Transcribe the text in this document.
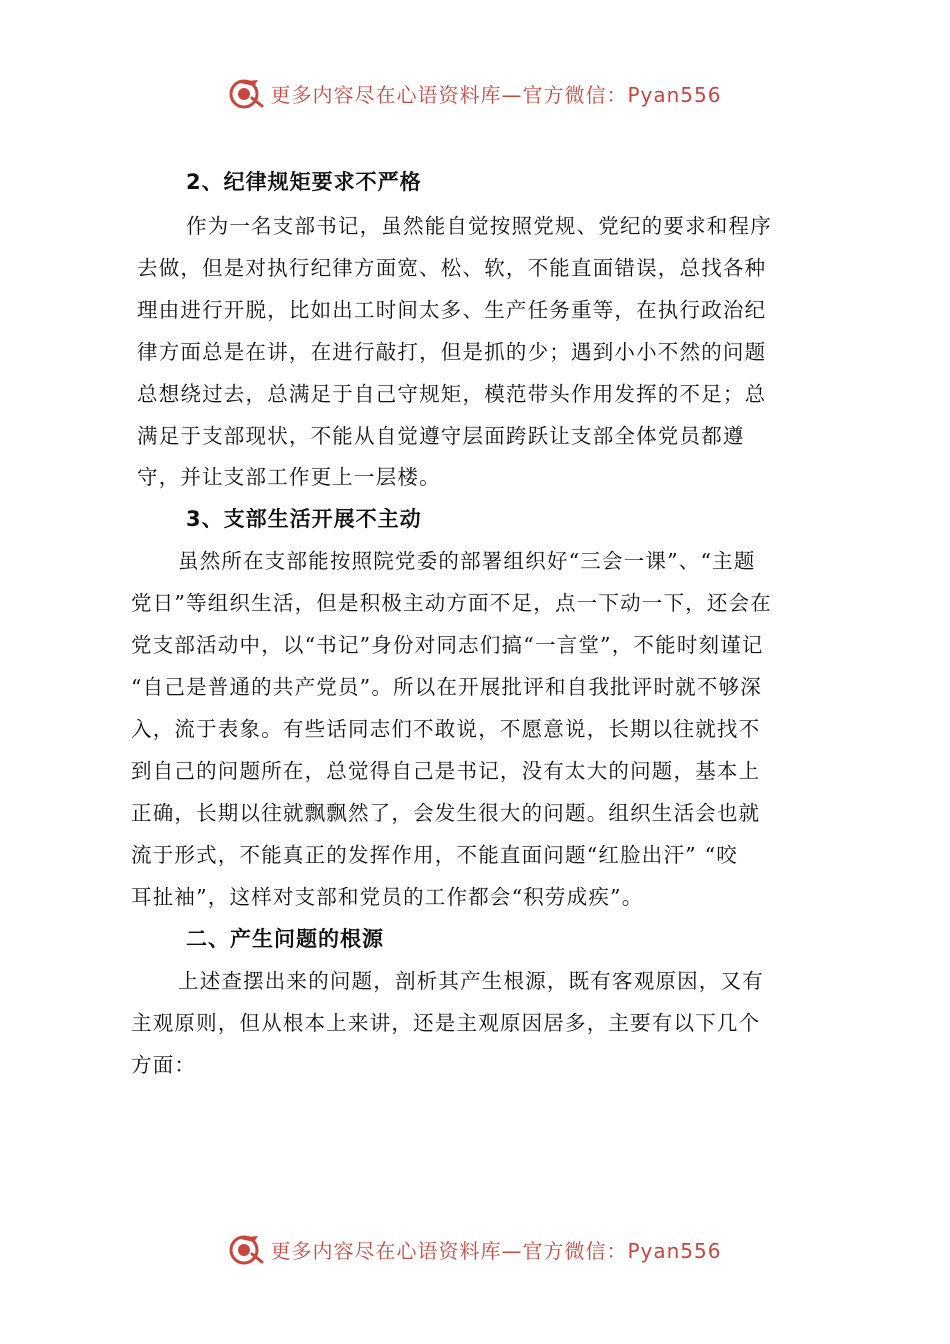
更多内容尽在心语资料库—官方微信：Pyan556
2、纪律规矩要求不严格
作为一名支部书记，虽然能自觉按照党规、党纪的要求和程序
去做，但是对执行纪律方面宽、松、软，不能直面错误，总找各种
理由进行开脱，比如出工时间太多、生产任务重等，在执行政治纪
律方面总是在讲，在进行敲打，但是抓的少；遇到小小不然的问题
总想绕过去，总满足于自己守规矩，模范带头作用发挥的不足；总
满足于支部现状，不能从自觉遵守层面跨跃让支部全体党员都遵
守，并让支部工作更上一层楼。
3、支部生活开展不主动
虽然所在支部能按照院党委的部署组织好“三会一课”、“主题
党日”等组织生活，但是积极主动方面不足，点一下动一下，还会在
党支部活动中，以“书记”身份对同志们搞“一言堂”，不能时刻谨记
“自己是普通的共产党员”。所以在开展批评和自我批评时就不够深
入，流于表象。有些话同志们不敢说，不愿意说，长期以往就找不
到自己的问题所在，总觉得自己是书记，没有太大的问题，基本上
正确，长期以往就飘飘然了，会发生很大的问题。组织生活会也就
流于形式，不能真正的发挥作用，不能直面问题“红脸出汗” “咬
耳扯袖”，这样对支部和党员的工作都会“积劳成疾”。
二、产生问题的根源
上述查摆出来的问题，剖析其产生根源，既有客观原因，又有
主观原则，但从根本上来讲，还是主观原因居多，主要有以下几个
方面：
更多内容尽在心语资料库—官方微信：Pyan556
